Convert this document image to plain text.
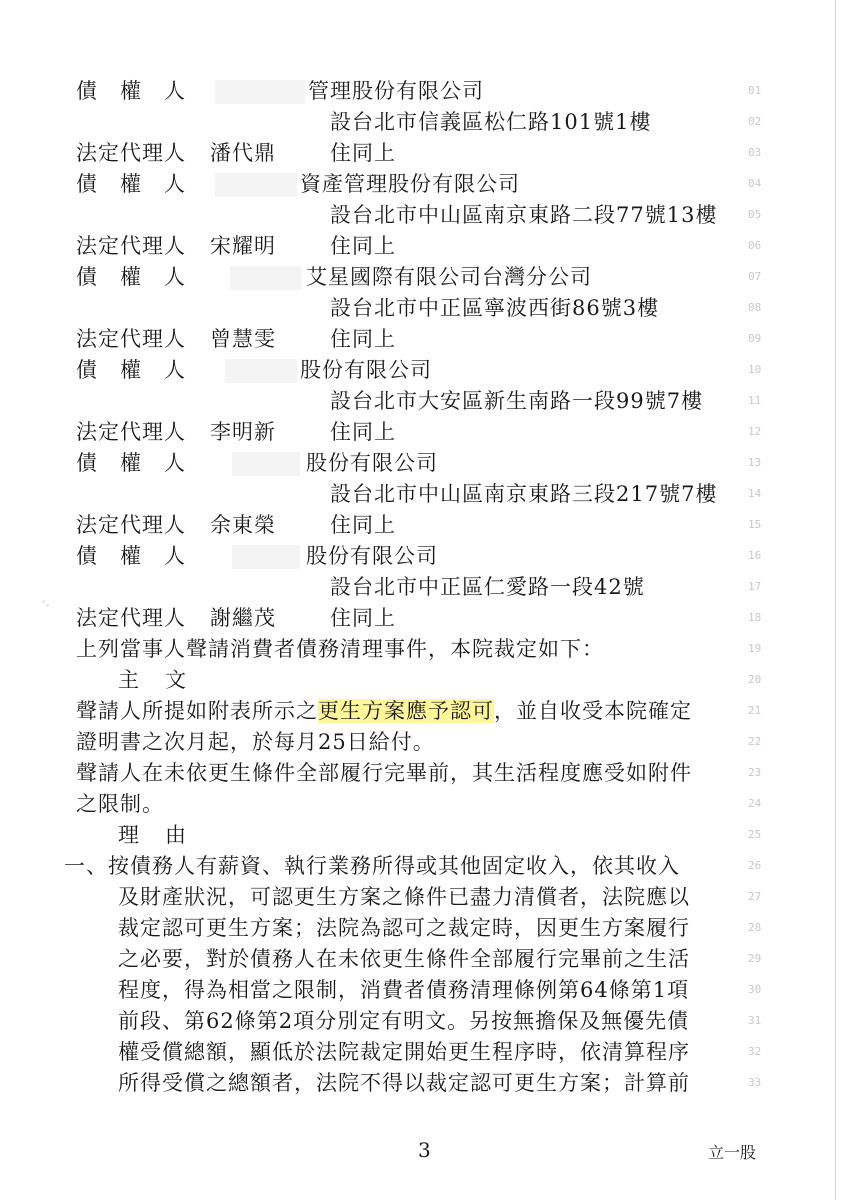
債　權　人	管理股份有限公司
設台北市信義區松仁路101號1樓
法定代理人 潘代鼎	住同上
債　權　人	資產管理股份有限公司
設台北市中山區南京東路二段77號13樓
法定代理人 宋耀明	住同上
債　權　人	艾星國際有限公司台灣分公司
設台北市中正區寧波西街86號3樓
法定代理人 曾慧雯	住同上
債　權　人	股份有限公司
設台北市大安區新生南路一段99號7樓
法定代理人 李明新	住同上
債　權　人	股份有限公司
設台北市中山區南京東路三段217號7樓
法定代理人 余東榮	住同上
債　權　人	股份有限公司
設台北市中正區仁愛路一段42號
法定代理人 謝繼茂	住同上
上列當事人聲請消費者債務清理事件，本院裁定如下：
主文
聲請人所提如附表所示之更生方案應予認可，並自收受本院確定
證明書之次月起，於每月25日給付。
聲請人在未依更生條件全部履行完畢前，其生活程度應受如附件
之限制。
理由
一、按債務人有薪資、執行業務所得或其他固定收入，依其收入
及財產狀況，可認更生方案之條件已盡力清償者，法院應以
裁定認可更生方案；法院為認可之裁定時，因更生方案履行
之必要，對於債務人在未依更生條件全部履行完畢前之生活
程度，得為相當之限制，消費者債務清理條例第64條第1項
前段、第62條第2項分別定有明文。另按無擔保及無優先債
權受償總額，顯低於法院裁定開始更生程序時，依清算程序
所得受償之總額者，法院不得以裁定認可更生方案；計算前
01
02
03
04
05
06
07
08
09
10
11
12
13
14
15
16
17
18
19
20
21
22
23
24
25
26
27
28
29
30
31
32
33
3	立一股
